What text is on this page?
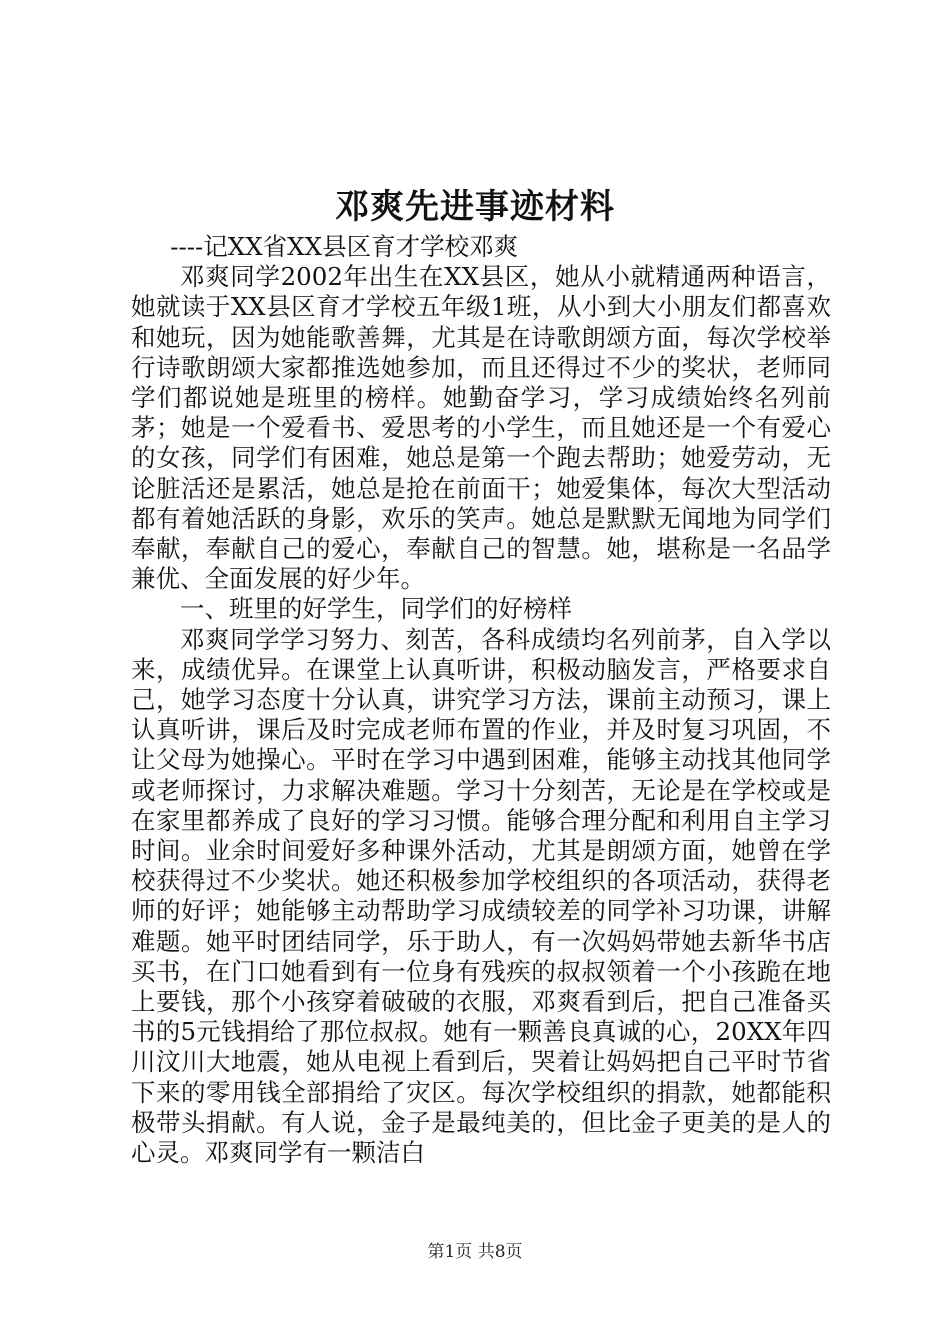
邓爽先进事迹材料

----记XX省XX县区育才学校邓爽

邓爽同学2002年出生在XX县区，她从小就精通两种语言，她就读于XX县区育才学校五年级1班，从小到大小朋友们都喜欢和她玩，因为她能歌善舞，尤其是在诗歌朗颂方面，每次学校举行诗歌朗颂大家都推选她参加，而且还得过不少的奖状，老师同学们都说她是班里的榜样。她勤奋学习，学习成绩始终名列前茅；她是一个爱看书、爱思考的小学生，而且她还是一个有爱心的女孩，同学们有困难，她总是第一个跑去帮助；她爱劳动，无论脏活还是累活，她总是抢在前面干；她爱集体，每次大型活动都有着她活跃的身影，欢乐的笑声。她总是默默无闻地为同学们奉献，奉献自己的爱心，奉献自己的智慧。她，堪称是一名品学兼优、全面发展的好少年。

一、班里的好学生，同学们的好榜样

邓爽同学学习努力、刻苦，各科成绩均名列前茅，自入学以来，成绩优异。在课堂上认真听讲，积极动脑发言，严格要求自己，她学习态度十分认真，讲究学习方法，课前主动预习，课上认真听讲，课后及时完成老师布置的作业，并及时复习巩固，不让父母为她操心。平时在学习中遇到困难，能够主动找其他同学或老师探讨，力求解决难题。学习十分刻苦，无论是在学校或是在家里都养成了良好的学习习惯。能够合理分配和利用自主学习时间。业余时间爱好多种课外活动，尤其是朗颂方面，她曾在学校获得过不少奖状。她还积极参加学校组织的各项活动，获得老师的好评；她能够主动帮助学习成绩较差的同学补习功课，讲解难题。她平时团结同学，乐于助人，有一次妈妈带她去新华书店买书，在门口她看到有一位身有残疾的叔叔领着一个小孩跪在地上要钱，那个小孩穿着破破的衣服，邓爽看到后，把自己准备买书的5元钱捐给了那位叔叔。她有一颗善良真诚的心，20XX年四川汶川大地震，她从电视上看到后，哭着让妈妈把自己平时节省下来的零用钱全部捐给了灾区。每次学校组织的捐款，她都能积极带头捐献。有人说，金子是最纯美的，但比金子更美的是人的心灵。邓爽同学有一颗洁白

第1页 共8页
